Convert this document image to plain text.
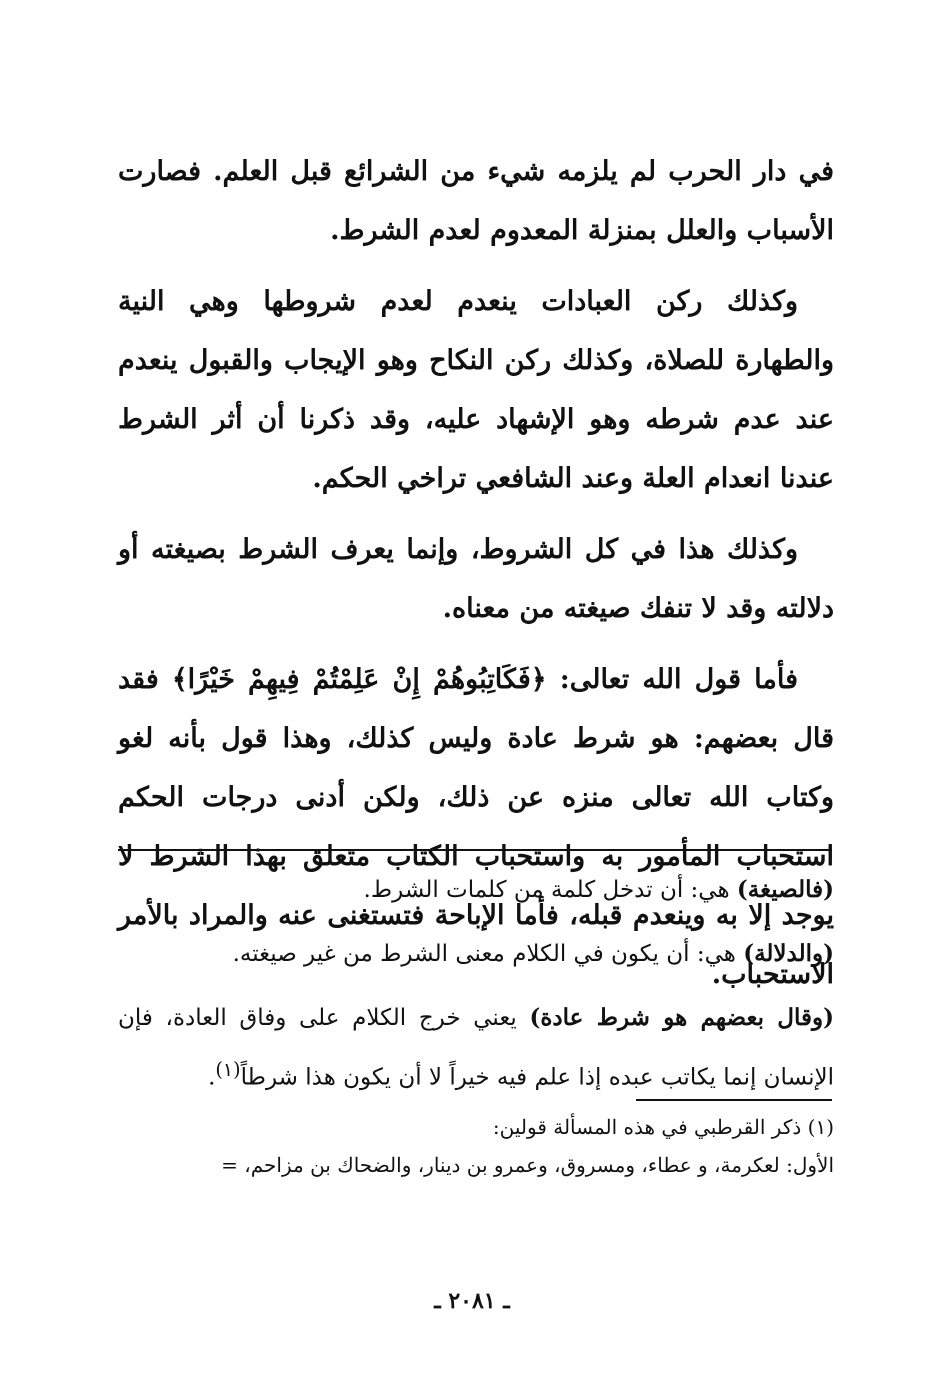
في دار الحرب لم يلزمه شيء من الشرائع قبل العلم. فصارت الأسباب والعلل بمنزلة المعدوم لعدم الشرط.

وكذلك ركن العبادات ينعدم لعدم شروطها وهي النية والطهارة للصلاة، وكذلك ركن النكاح وهو الإيجاب والقبول ينعدم عند عدم شرطه وهو الإشهاد عليه، وقد ذكرنا أن أثر الشرط عندنا انعدام العلة وعند الشافعي تراخي الحكم.

وكذلك هذا في كل الشروط، وإنما يعرف الشرط بصيغته أو دلالته وقد لا تنفك صيغته من معناه.

فأما قول الله تعالى: ﴿فَكَاتِبُوهُمْ إِنْ عَلِمْتُمْ فِيهِمْ خَيْرًا﴾ فقد قال بعضهم: هو شرط عادة وليس كذلك، وهذا قول بأنه لغو وكتاب الله تعالى منزه عن ذلك، ولكن أدنى درجات الحكم استحباب المأمور به واستحباب الكتاب متعلق بهذا الشرط لا يوجد إلا به وينعدم قبله، فأما الإباحة فتستغنى عنه والمراد بالأمر الاستحباب.

(فالصيغة) هي: أن تدخل كلمة من كلمات الشرط.

(والدلالة) هي: أن يكون في الكلام معنى الشرط من غير صيغته.

(وقال بعضهم هو شرط عادة) يعني خرج الكلام على وفاق العادة، فإن الإنسان إنما يكاتب عبده إذا علم فيه خيراً لا أن يكون هذا شرطاً$^{(١)}$.

(١) ذكر القرطبي في هذه المسألة قولين:

الأول: لعكرمة، و عطاء، ومسروق، وعمرو بن دينار، والضحاك بن مزاحم، =

ـ ٢٠٨١ ـ
